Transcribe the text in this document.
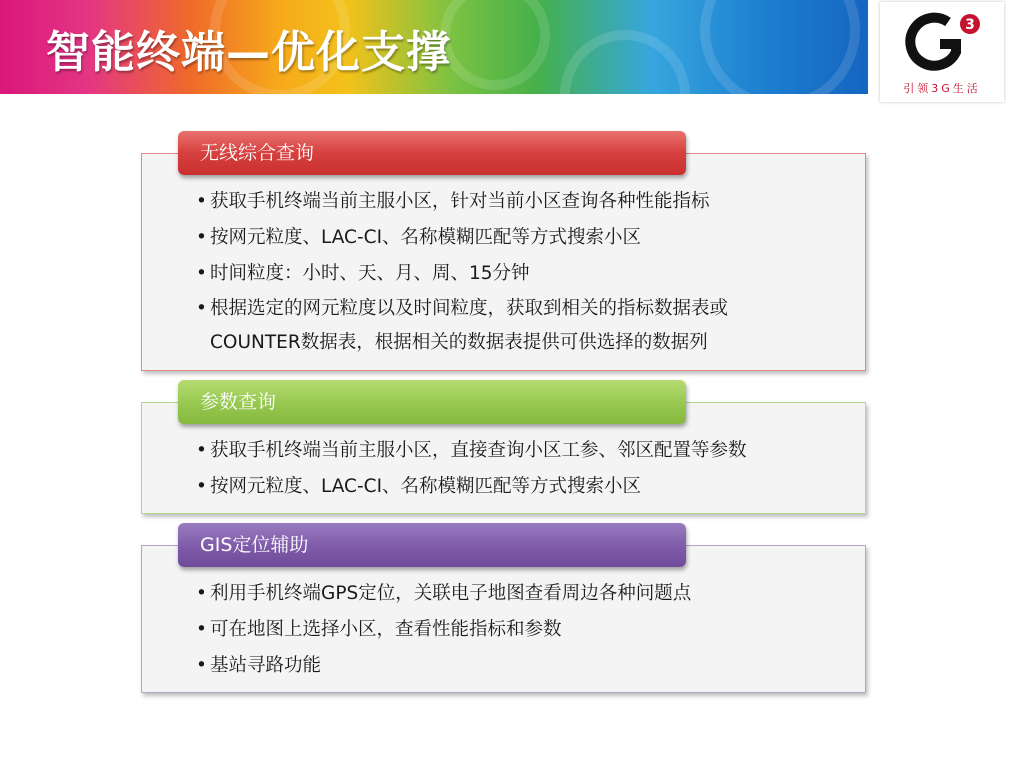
智能终端—优化支撑
3
引领3G生活
无线综合查询
• 获取手机终端当前主服小区，针对当前小区查询各种性能指标
• 按网元粒度、LAC-CI、名称模糊匹配等方式搜索小区
• 时间粒度：小时、天、月、周、15分钟
• 根据选定的网元粒度以及时间粒度，获取到相关的指标数据表或COUNTER数据表，根据相关的数据表提供可供选择的数据列
参数查询
• 获取手机终端当前主服小区，直接查询小区工参、邻区配置等参数
• 按网元粒度、LAC-CI、名称模糊匹配等方式搜索小区
GIS定位辅助
• 利用手机终端GPS定位，关联电子地图查看周边各种问题点
• 可在地图上选择小区，查看性能指标和参数
• 基站寻路功能
